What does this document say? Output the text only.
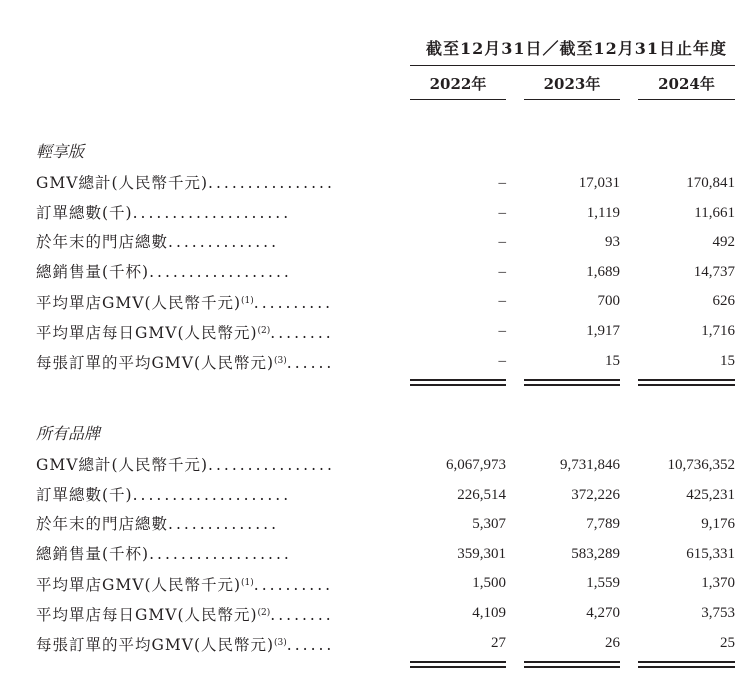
截至12月31日／截至12月31日止年度
2022年	2023年	2024年
輕享版
GMV總計(人民幣千元)................	–	17,031	170,841
訂單總數(千)....................	–	1,119	11,661
於年末的門店總數..............	–	93	492
總銷售量(千杯)..................	–	1,689	14,737
平均單店GMV(人民幣千元)$^{(1)}$..........	–	700	626
平均單店每日GMV(人民幣元)$^{(2)}$........	–	1,917	1,716
每張訂單的平均GMV(人民幣元)$^{(3)}$......	–	15	15
所有品牌
GMV總計(人民幣千元)................	6,067,973	9,731,846	10,736,352
訂單總數(千)....................	226,514	372,226	425,231
於年末的門店總數..............	5,307	7,789	9,176
總銷售量(千杯)..................	359,301	583,289	615,331
平均單店GMV(人民幣千元)$^{(1)}$..........	1,500	1,559	1,370
平均單店每日GMV(人民幣元)$^{(2)}$........	4,109	4,270	3,753
每張訂單的平均GMV(人民幣元)$^{(3)}$......	27	26	25
